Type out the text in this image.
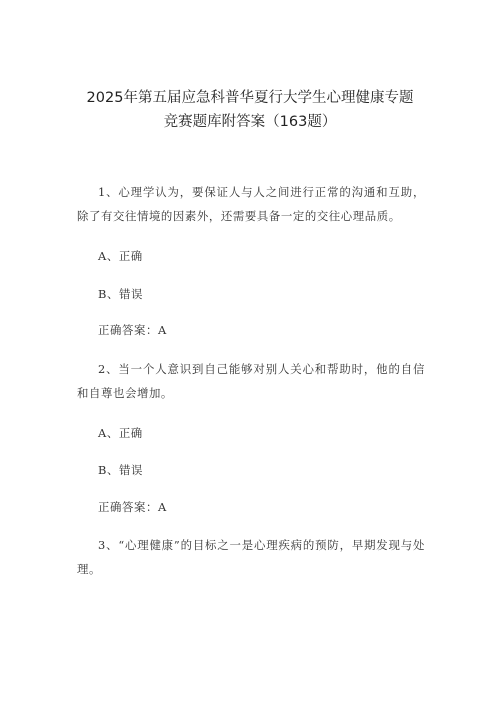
2025年第五届应急科普华夏行大学生心理健康专题
竞赛题库附答案（163题）
1、心理学认为，要保证人与人之间进行正常的沟通和互助，除了有交往情境的因素外，还需要具备一定的交往心理品质。
A、正确
B、错误
正确答案：A
2、当一个人意识到自己能够对别人关心和帮助时，他的自信和自尊也会增加。
A、正确
B、错误
正确答案：A
3、“心理健康”的目标之一是心理疾病的预防，早期发现与处理。
